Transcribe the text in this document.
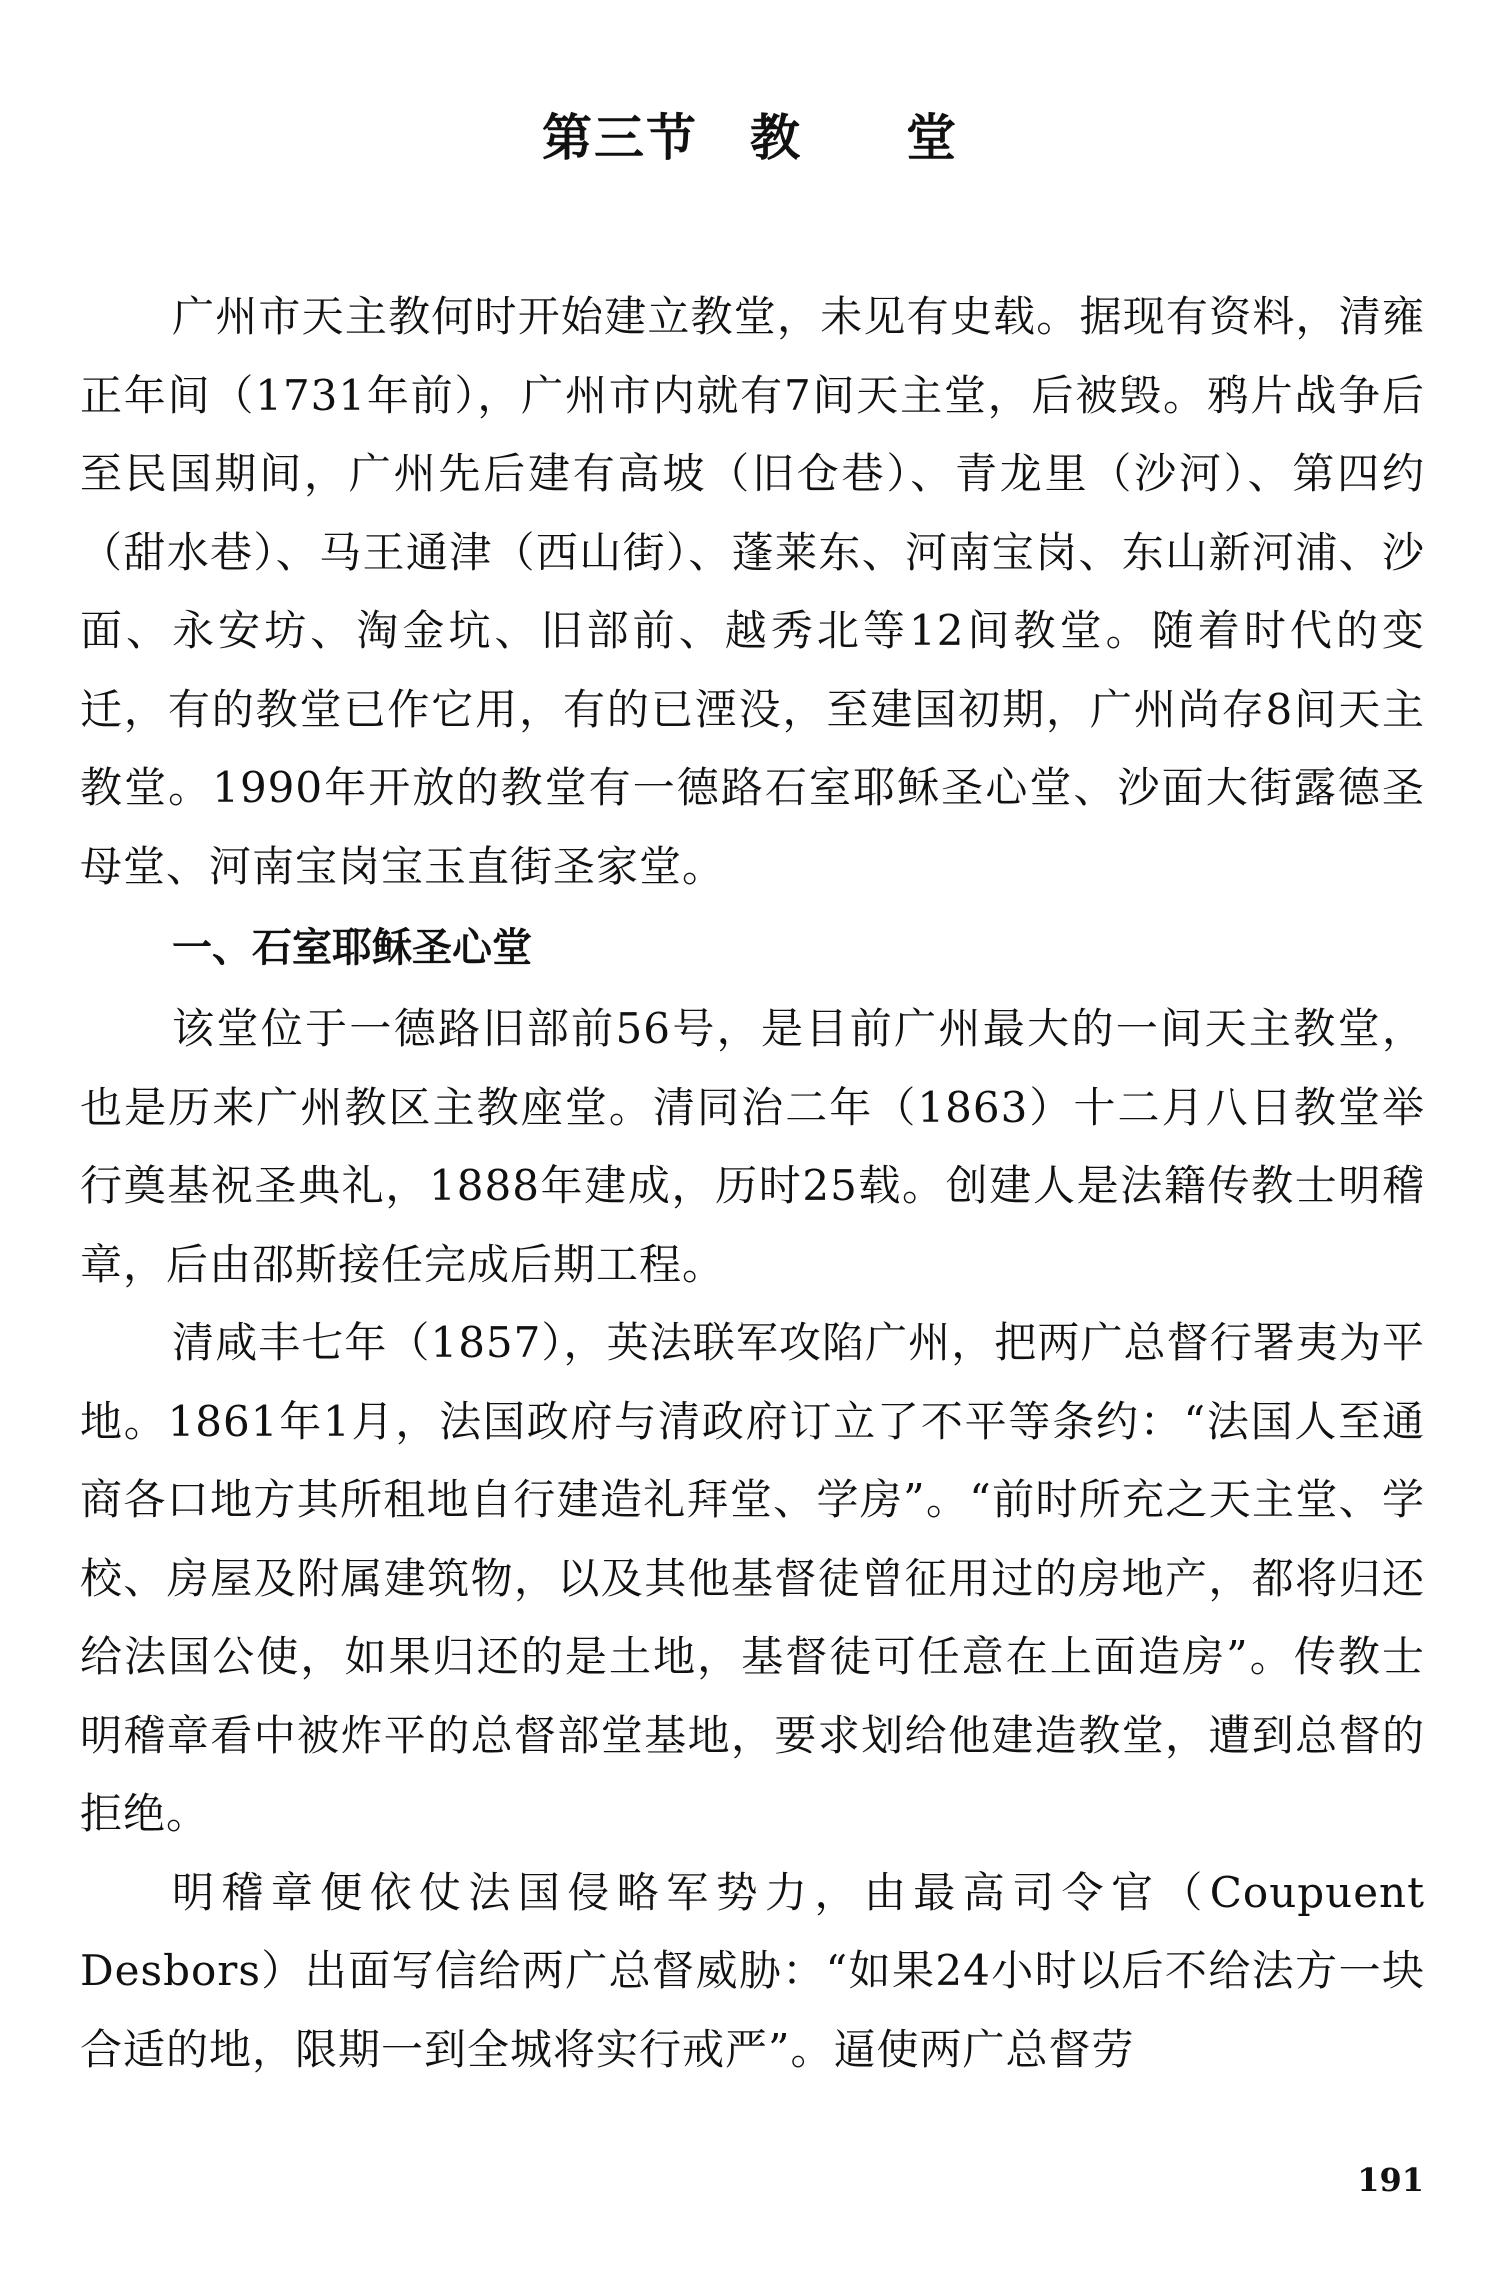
第三节　教　　堂

广州市天主教何时开始建立教堂，未见有史载。据现有资料，清雍正年间（1731年前），广州市内就有7间天主堂，后被毁。鸦片战争后至民国期间，广州先后建有高坡（旧仓巷）、青龙里（沙河）、第四约（甜水巷）、马王通津（西山街）、蓬莱东、河南宝岗、东山新河浦、沙面、永安坊、淘金坑、旧部前、越秀北等12间教堂。随着时代的变迁，有的教堂已作它用，有的已湮没，至建国初期，广州尚存8间天主教堂。1990年开放的教堂有一德路石室耶稣圣心堂、沙面大街露德圣母堂、河南宝岗宝玉直街圣家堂。

一、石室耶稣圣心堂

该堂位于一德路旧部前56号，是目前广州最大的一间天主教堂，也是历来广州教区主教座堂。清同治二年（1863）十二月八日教堂举行奠基祝圣典礼，1888年建成，历时25载。创建人是法籍传教士明稽章，后由邵斯接任完成后期工程。

清咸丰七年（1857），英法联军攻陷广州，把两广总督行署夷为平地。1861年1月，法国政府与清政府订立了不平等条约：“法国人至通商各口地方其所租地自行建造礼拜堂、学房”。“前时所充之天主堂、学校、房屋及附属建筑物，以及其他基督徒曾征用过的房地产，都将归还给法国公使，如果归还的是土地，基督徒可任意在上面造房”。传教士明稽章看中被炸平的总督部堂基地，要求划给他建造教堂，遭到总督的拒绝。

明稽章便依仗法国侵略军势力，由最高司令官（Coupuent Desbors）出面写信给两广总督威胁：“如果24小时以后不给法方一块合适的地，限期一到全城将实行戒严”。逼使两广总督劳

191
